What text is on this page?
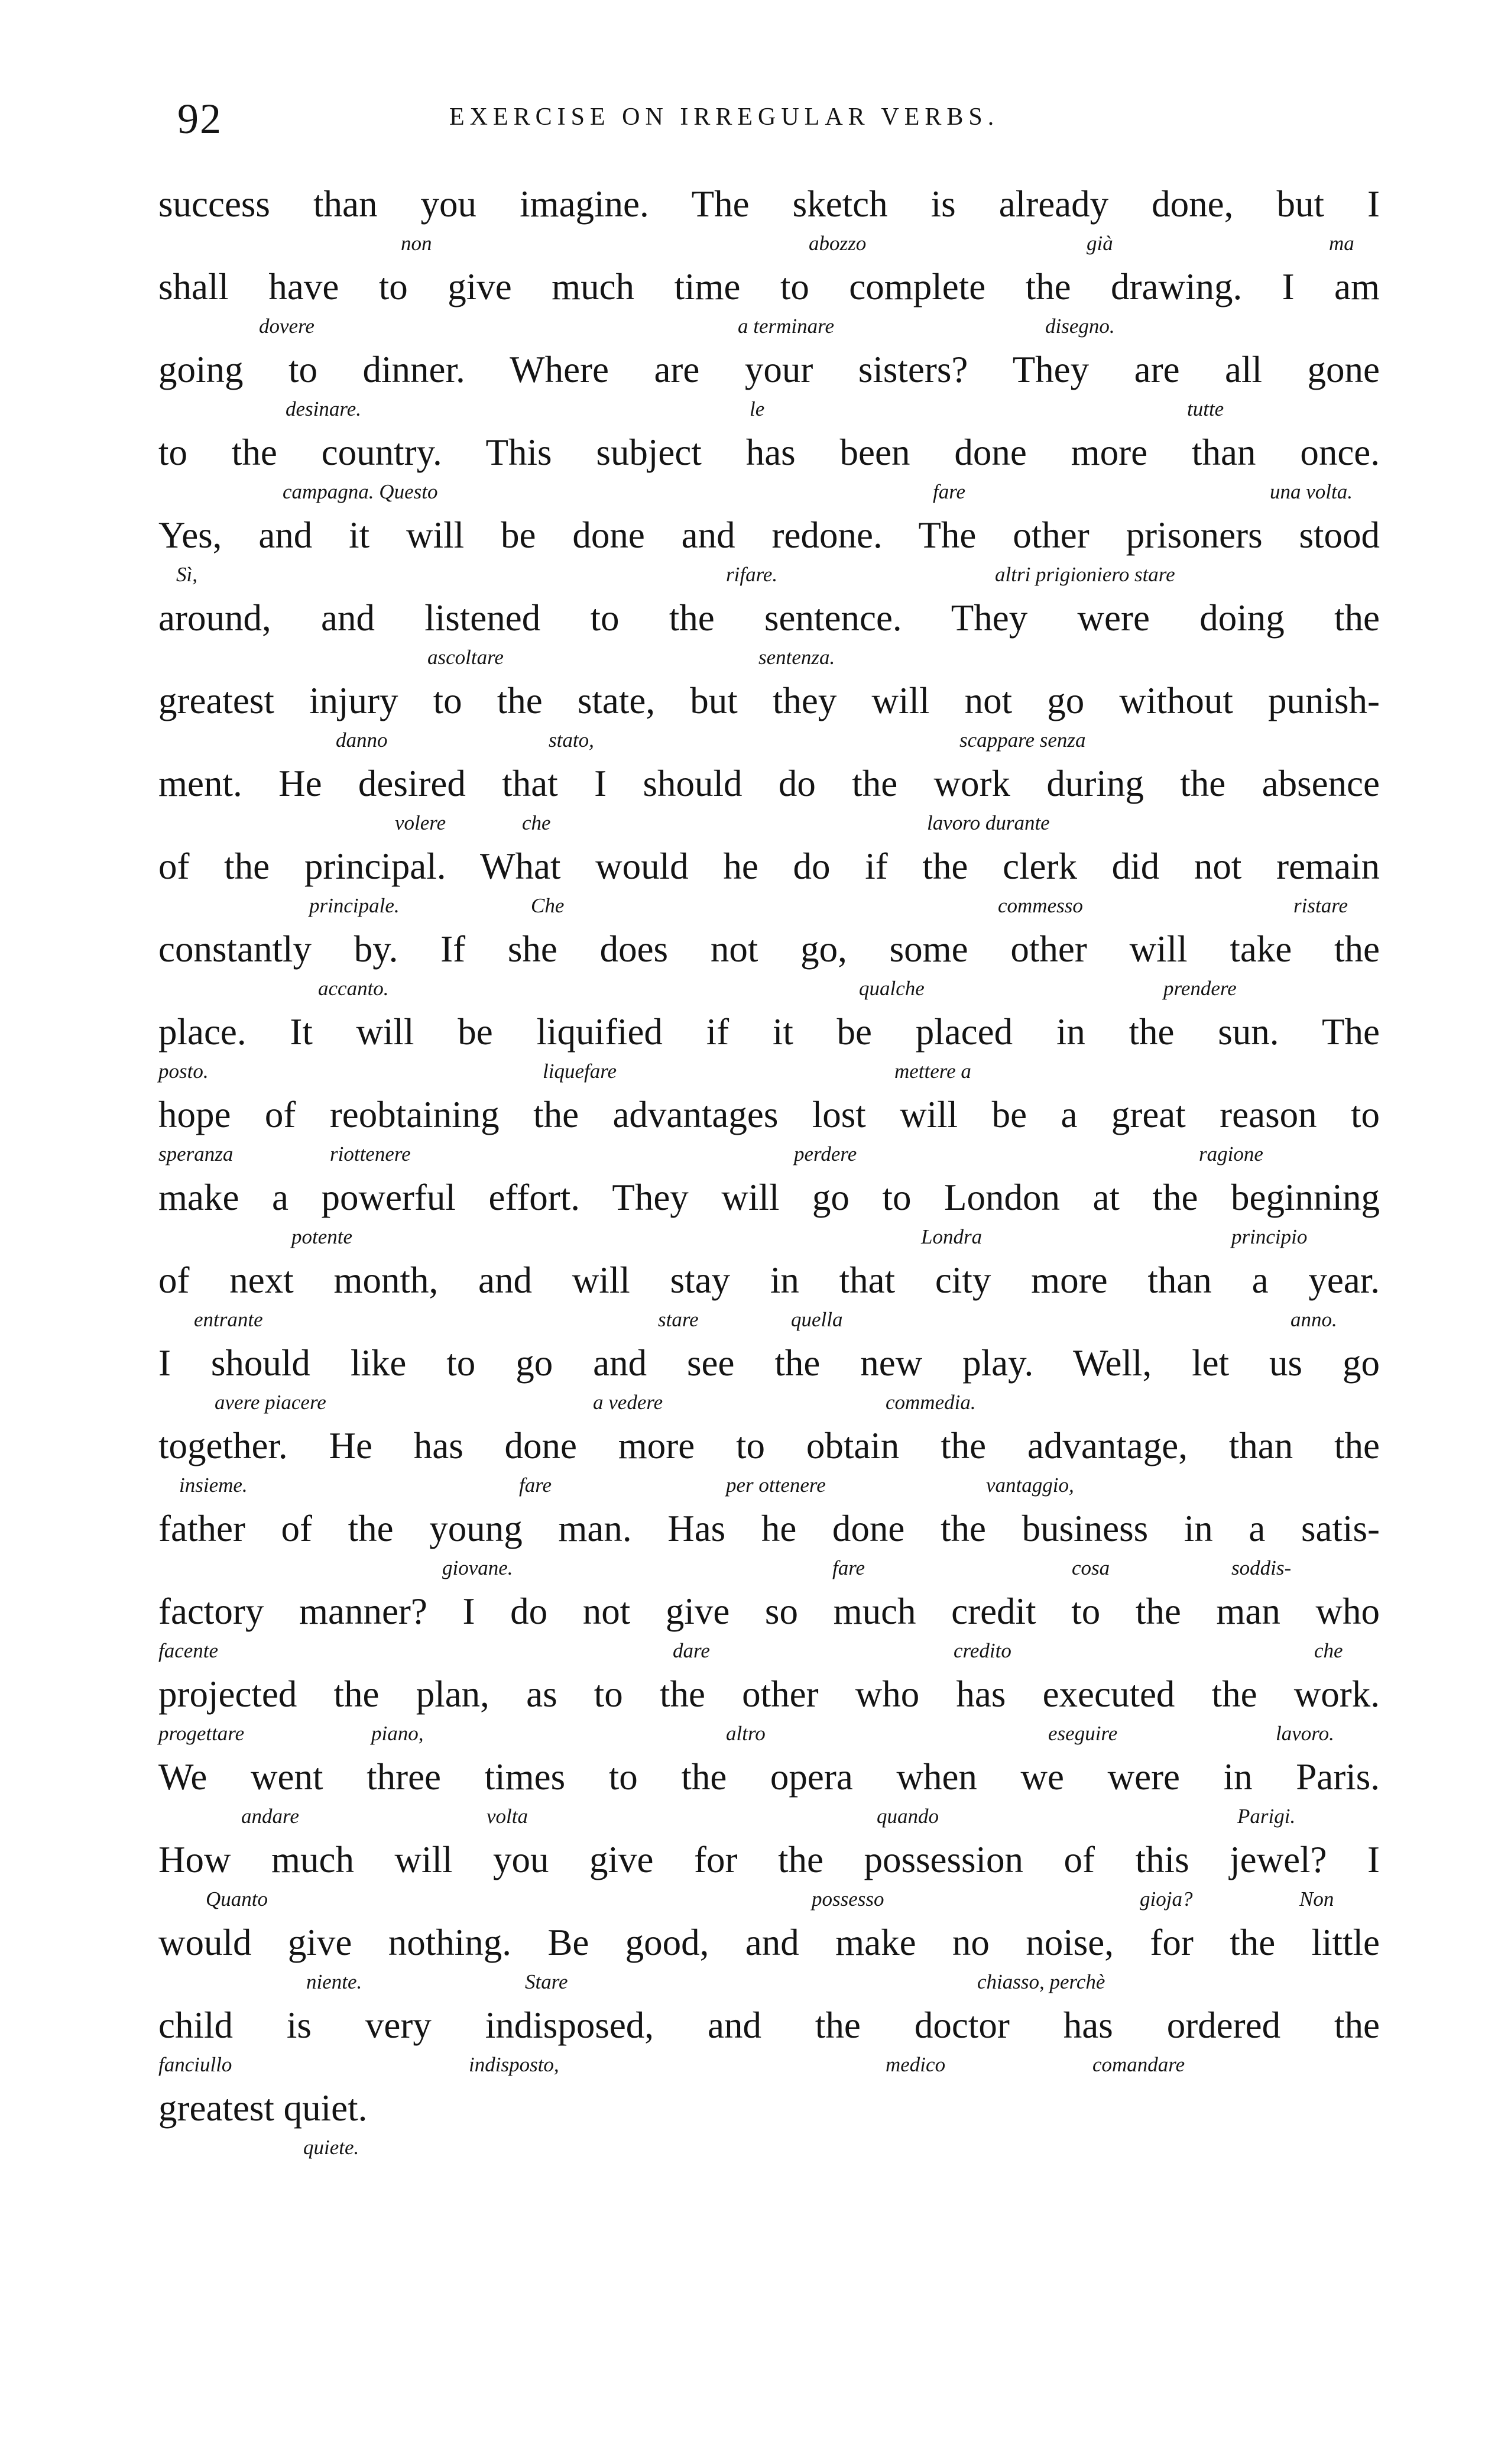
92	EXERCISE ON IRREGULAR VERBS.
success than you imagine. The sketch is already done, but I
non	abozzo	già	ma
shall have to give much time to complete the drawing. I am
dovere	a terminare	disegno.
going to dinner. Where are your sisters? They are all gone
desinare.	le	tutte
to the country. This subject has been done more than once.
campagna. Questo	fare	una volta.
Yes, and it will be done and redone. The other prisoners stood
Sì,	rifare.	altri prigioniero stare
around, and listened to the sentence. They were doing the
ascoltare	sentenza.
greatest injury to the state, but they will not go without punish-
danno	stato,	scappare senza
ment. He desired that I should do the work during the absence
volere	che	lavoro durante
of the principal. What would he do if the clerk did not remain
principale.	Che	commesso	ristare
constantly by. If she does not go, some other will take the
accanto.	qualche	prendere
place. It will be liquified if it be placed in the sun. The
posto.	liquefare	mettere a
hope of reobtaining the advantages lost will be a great reason to
speranza	riottenere	perdere	ragione
make a powerful effort. They will go to London at the beginning
potente	Londra	principio
of next month, and will stay in that city more than a year.
entrante	stare	quella	anno.
I should like to go and see the new play. Well, let us go
avere piacere	a vedere	commedia.
together. He has done more to obtain the advantage, than the
insieme.	fare	per ottenere	vantaggio,
father of the young man. Has he done the business in a satis-
giovane.	fare	cosa	soddis-
factory manner? I do not give so much credit to the man who
facente	dare	credito	che
projected the plan, as to the other who has executed the work.
progettare	piano,	altro	eseguire	lavoro.
We went three times to the opera when we were in Paris.
andare	volta	quando	Parigi.
How much will you give for the possession of this jewel? I
Quanto	possesso	gioja?	Non
would give nothing. Be good, and make no noise, for the little
niente.	Stare	chiasso, perchè
child is very indisposed, and the doctor has ordered the
fanciullo	indisposto,	medico	comandare
greatest quiet.
quiete.
